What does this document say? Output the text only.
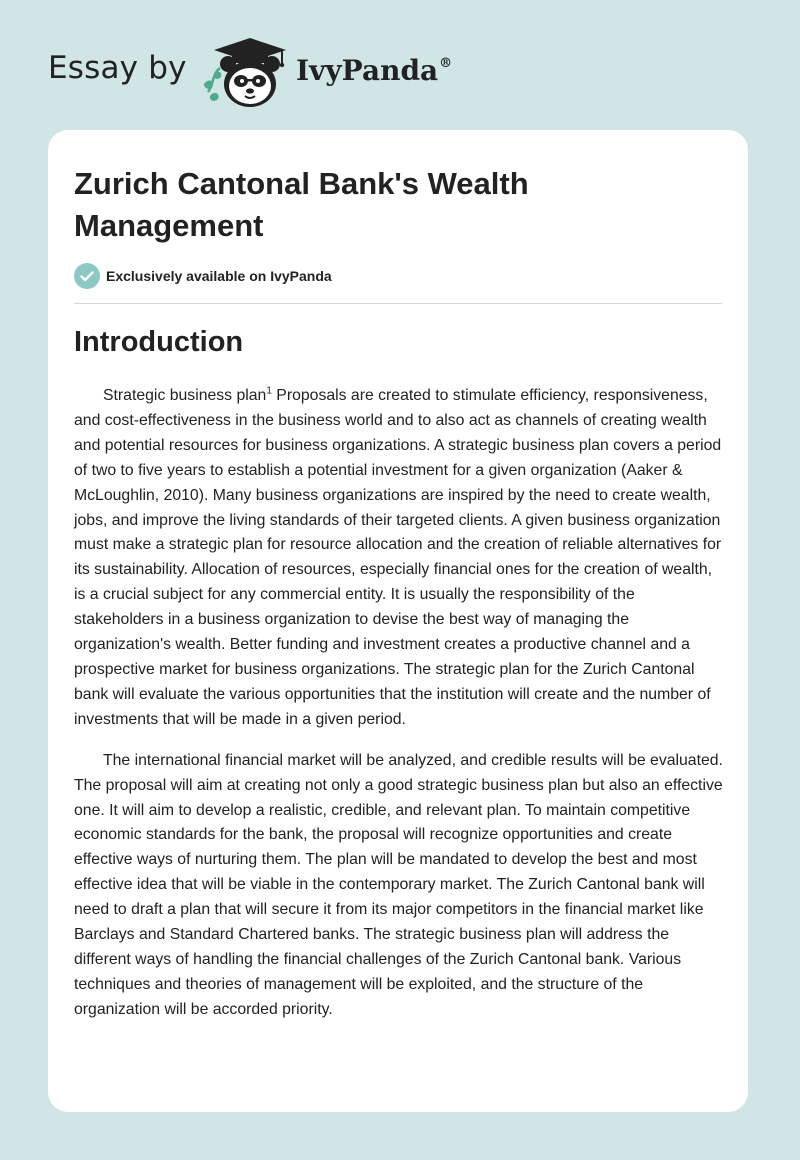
Essay by	IvyPanda®
Zurich Cantonal Bank's Wealth Management
Exclusively available on IvyPanda
Introduction

Strategic business plan$^1$ Proposals are created to stimulate efficiency, responsiveness, and cost-effectiveness in the business world and to also act as channels of creating wealth and potential resources for business organizations. A strategic business plan covers a period of two to five years to establish a potential investment for a given organization (Aaker & McLoughlin, 2010). Many business organizations are inspired by the need to create wealth, jobs, and improve the living standards of their targeted clients. A given business organization must make a strategic plan for resource allocation and the creation of reliable alternatives for its sustainability. Allocation of resources, especially financial ones for the creation of wealth, is a crucial subject for any commercial entity. It is usually the responsibility of the stakeholders in a business organization to devise the best way of managing the organization's wealth. Better funding and investment creates a productive channel and a prospective market for business organizations. The strategic plan for the Zurich Cantonal bank will evaluate the various opportunities that the institution will create and the number of investments that will be made in a given period.

The international financial market will be analyzed, and credible results will be evaluated. The proposal will aim at creating not only a good strategic business plan but also an effective one. It will aim to develop a realistic, credible, and relevant plan. To maintain competitive economic standards for the bank, the proposal will recognize opportunities and create effective ways of nurturing them. The plan will be mandated to develop the best and most effective idea that will be viable in the contemporary market. The Zurich Cantonal bank will need to draft a plan that will secure it from its major competitors in the financial market like Barclays and Standard Chartered banks. The strategic business plan will address the different ways of handling the financial challenges of the Zurich Cantonal bank. Various techniques and theories of management will be exploited, and the structure of the organization will be accorded priority.
